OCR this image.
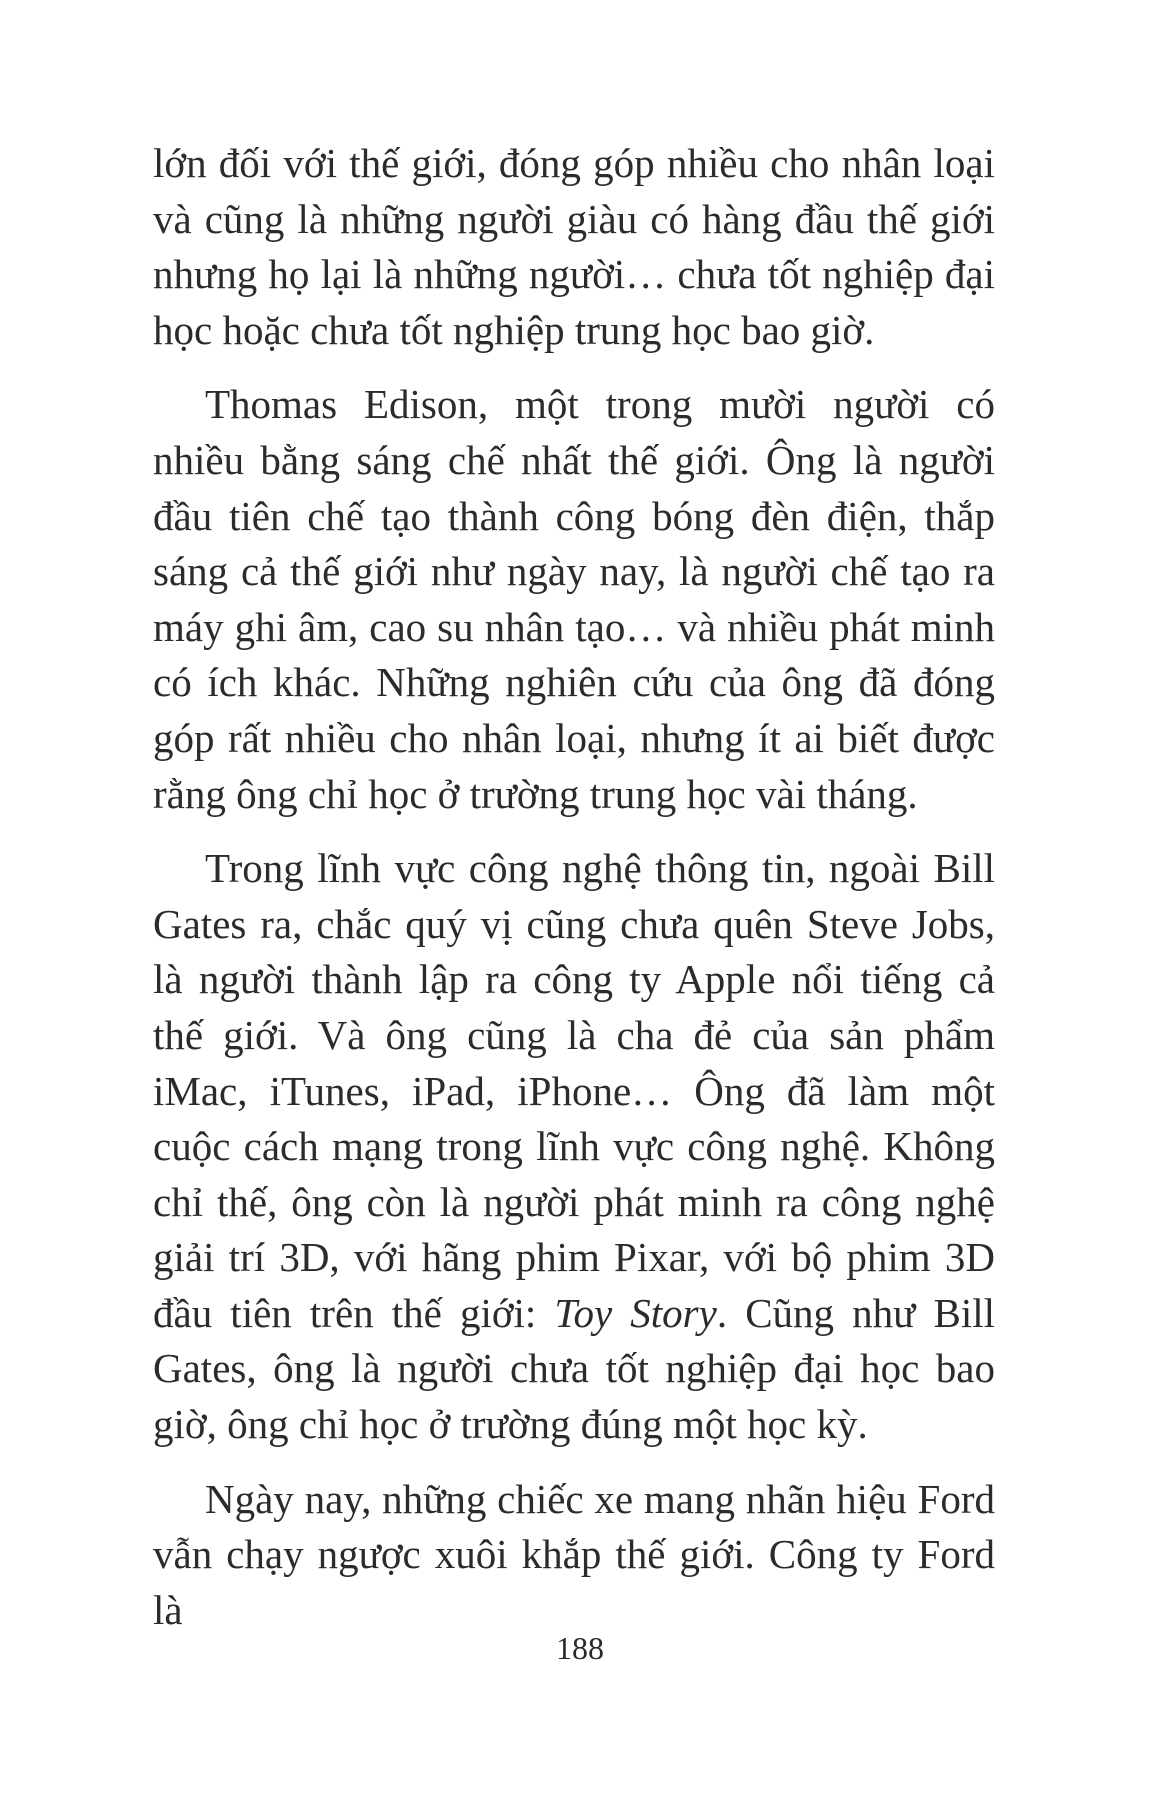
lớn đối với thế giới, đóng góp nhiều cho nhân loại và cũng là những người giàu có hàng đầu thế giới nhưng họ lại là những người… chưa tốt nghiệp đại học hoặc chưa tốt nghiệp trung học bao giờ.

Thomas Edison, một trong mười người có nhiều bằng sáng chế nhất thế giới. Ông là người đầu tiên chế tạo thành công bóng đèn điện, thắp sáng cả thế giới như ngày nay, là người chế tạo ra máy ghi âm, cao su nhân tạo… và nhiều phát minh có ích khác. Những nghiên cứu của ông đã đóng góp rất nhiều cho nhân loại, nhưng ít ai biết được rằng ông chỉ học ở trường trung học vài tháng.

Trong lĩnh vực công nghệ thông tin, ngoài Bill Gates ra, chắc quý vị cũng chưa quên Steve Jobs, là người thành lập ra công ty Apple nổi tiếng cả thế giới. Và ông cũng là cha đẻ của sản phẩm iMac, iTunes, iPad, iPhone… Ông đã làm một cuộc cách mạng trong lĩnh vực công nghệ. Không chỉ thế, ông còn là người phát minh ra công nghệ giải trí 3D, với hãng phim Pixar, với bộ phim 3D đầu tiên trên thế giới: Toy Story. Cũng như Bill Gates, ông là người chưa tốt nghiệp đại học bao giờ, ông chỉ học ở trường đúng một học kỳ.

Ngày nay, những chiếc xe mang nhãn hiệu Ford vẫn chạy ngược xuôi khắp thế giới. Công ty Ford là

188
